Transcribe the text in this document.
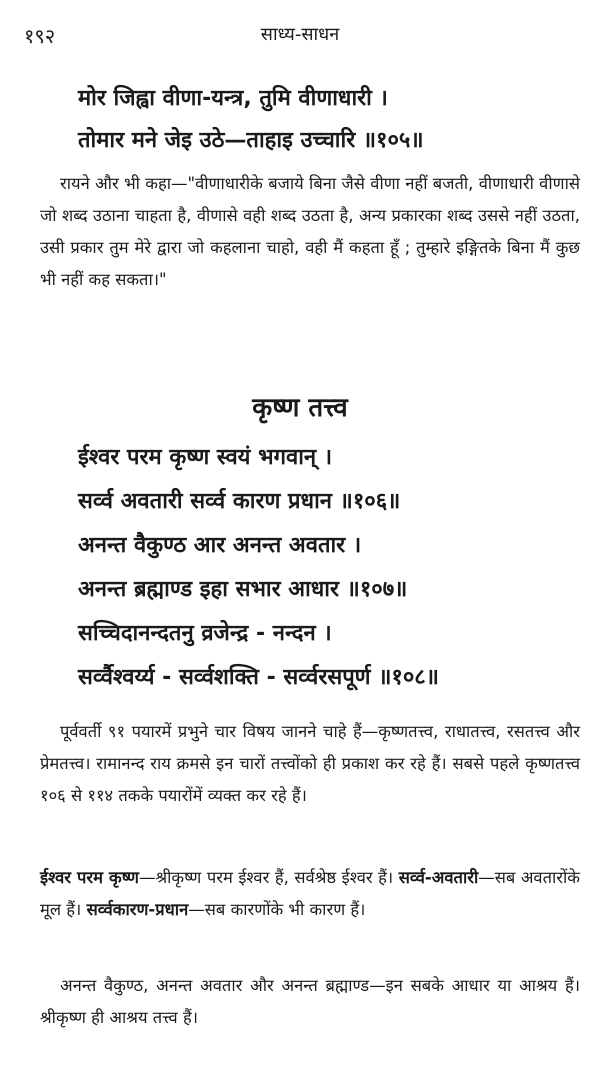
१९२	साध्य-साधन
मोर जिह्वा वीणा-यन्त्र, तुमि वीणाधारी ।
तोमार मने जेइ उठे—ताहाइ उच्चारि ॥१०५॥

रायने और भी कहा—"वीणाधारीके बजाये बिना जैसे वीणा नहीं बजती, वीणाधारी वीणासे जो शब्द उठाना चाहता है, वीणासे वही शब्द उठता है, अन्य प्रकारका शब्द उससे नहीं उठता, उसी प्रकार तुम मेरे द्वारा जो कहलाना चाहो, वही मैं कहता हूँ ; तुम्हारे इङ्गितके बिना मैं कुछ भी नहीं कह सकता।"

कृष्ण तत्त्व
ईश्वर परम कृष्ण स्वयं भगवान् ।
सर्व्व अवतारी सर्व्व कारण प्रधान ॥१०६॥
अनन्त वैकुण्ठ आर अनन्त अवतार ।
अनन्त ब्रह्माण्ड इहा सभार आधार ॥१०७॥
सच्चिदानन्दतनु व्रजेन्द्र - नन्दन ।
सर्व्वैश्वर्य्य - सर्व्वशक्ति - सर्व्वरसपूर्ण ॥१०८॥

पूर्ववर्ती ९१ पयारमें प्रभुने चार विषय जानने चाहे हैं—कृष्णतत्त्व, राधातत्त्व, रसतत्त्व और प्रेमतत्त्व। रामानन्द राय क्रमसे इन चारों तत्त्वोंको ही प्रकाश कर रहे हैं। सबसे पहले कृष्णतत्त्व १०६ से ११४ तकके पयारोंमें व्यक्त कर रहे हैं।

ईश्वर परम कृष्ण—श्रीकृष्ण परम ईश्वर हैं, सर्वश्रेष्ठ ईश्वर हैं। सर्व्व-अवतारी—सब अवतारोंके मूल हैं। सर्व्वकारण-प्रधान—सब कारणोंके भी कारण हैं।

अनन्त वैकुण्ठ, अनन्त अवतार और अनन्त ब्रह्माण्ड—इन सबके आधार या आश्रय हैं। श्रीकृष्ण ही आश्रय तत्त्व हैं।
